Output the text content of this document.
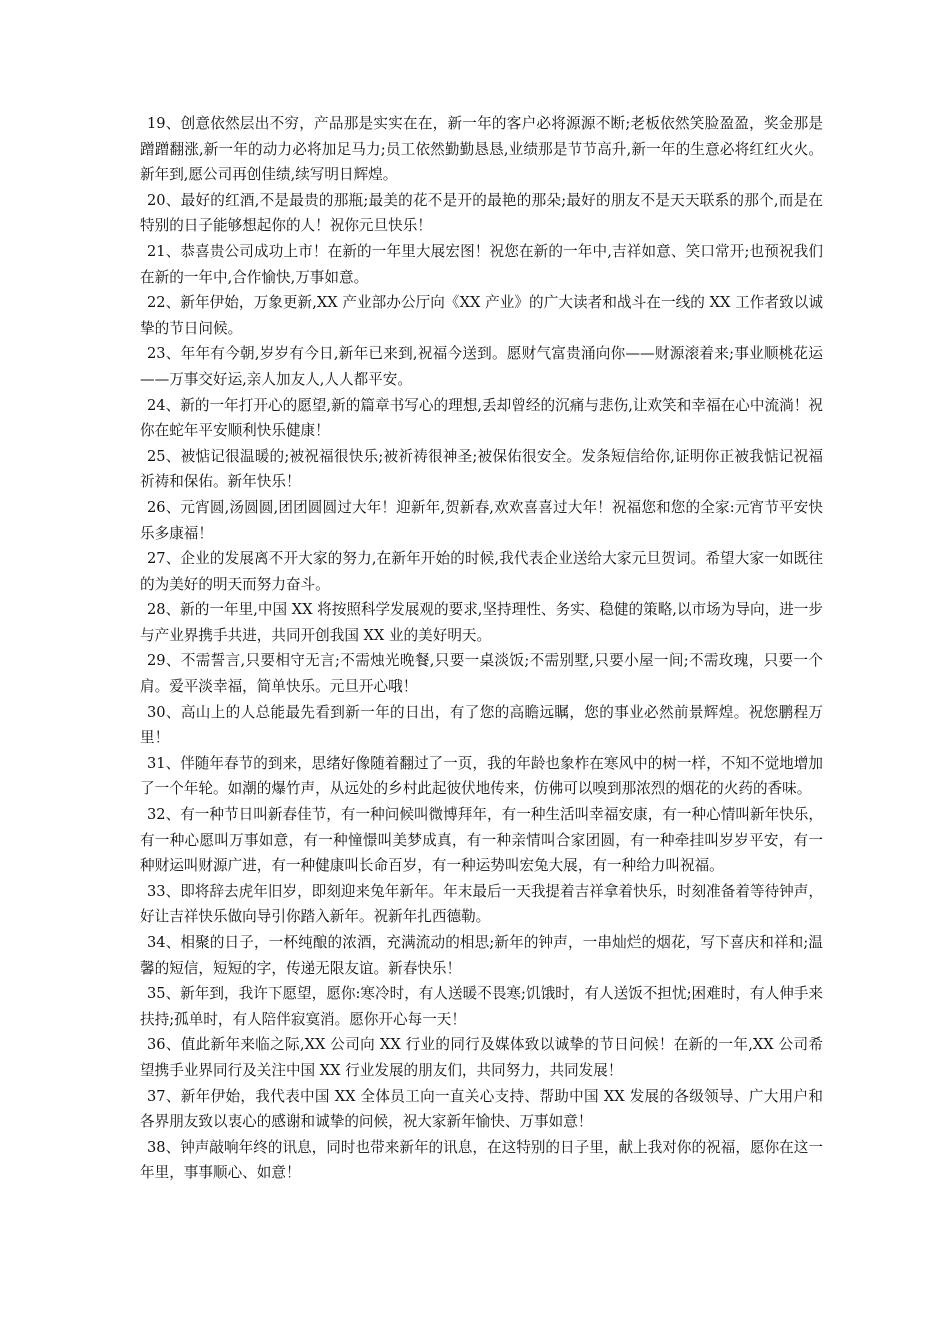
19、创意依然层出不穷，产品那是实实在在，新一年的客户必将源源不断;老板依然笑脸盈盈，奖金那是蹭蹭翻涨,新一年的动力必将加足马力;员工依然勤勤恳恳,业绩那是节节高升,新一年的生意必将红红火火。新年到,愿公司再创佳绩,续写明日辉煌。

20、最好的红酒,不是最贵的那瓶;最美的花不是开的最艳的那朵;最好的朋友不是天天联系的那个,而是在特别的日子能够想起你的人！祝你元旦快乐！

21、恭喜贵公司成功上市！在新的一年里大展宏图！祝您在新的一年中,吉祥如意、笑口常开;也预祝我们在新的一年中,合作愉快,万事如意。

22、新年伊始，万象更新,XX 产业部办公厅向《XX 产业》的广大读者和战斗在一线的 XX 工作者致以诚挚的节日问候。

23、年年有今朝,岁岁有今日,新年已来到,祝福今送到。愿财气富贵涌向你——财源滚着来;事业顺桃花运——万事交好运,亲人加友人,人人都平安。

24、新的一年打开心的愿望,新的篇章书写心的理想,丢却曾经的沉痛与悲伤,让欢笑和幸福在心中流淌！祝你在蛇年平安顺利快乐健康！

25、被惦记很温暖的;被祝福很快乐;被祈祷很神圣;被保佑很安全。发条短信给你,证明你正被我惦记祝福祈祷和保佑。新年快乐！

26、元宵圆,汤圆圆,团团圆圆过大年！迎新年,贺新春,欢欢喜喜过大年！祝福您和您的全家:元宵节平安快乐多康福！

27、企业的发展离不开大家的努力,在新年开始的时候,我代表企业送给大家元旦贺词。希望大家一如既往的为美好的明天而努力奋斗。

28、新的一年里,中国 XX 将按照科学发展观的要求,坚持理性、务实、稳健的策略,以市场为导向，进一步与产业界携手共进，共同开创我国 XX 业的美好明天。

29、不需誓言,只要相守无言;不需烛光晚餐,只要一桌淡饭;不需别墅,只要小屋一间;不需玫瑰，只要一个肩。爱平淡幸福，简单快乐。元旦开心哦！

30、高山上的人总能最先看到新一年的日出，有了您的高瞻远瞩，您的事业必然前景辉煌。祝您鹏程万里！

31、伴随年春节的到来，思绪好像随着翻过了一页，我的年龄也象柞在寒风中的树一样，不知不觉地增加了一个年轮。如潮的爆竹声，从远处的乡村此起彼伏地传来，仿佛可以嗅到那浓烈的烟花的火药的香味。

32、有一种节日叫新春佳节，有一种问候叫微博拜年，有一种生活叫幸福安康，有一种心情叫新年快乐，有一种心愿叫万事如意，有一种憧憬叫美梦成真，有一种亲情叫合家团圆，有一种牵挂叫岁岁平安，有一种财运叫财源广进，有一种健康叫长命百岁，有一种运势叫宏兔大展，有一种给力叫祝福。

33、即将辞去虎年旧岁，即刻迎来兔年新年。年末最后一天我提着吉祥拿着快乐，时刻准备着等待钟声，好让吉祥快乐做向导引你踏入新年。祝新年扎西德勒。

34、相聚的日子，一杯纯酿的浓酒，充满流动的相思;新年的钟声，一串灿烂的烟花，写下喜庆和祥和;温馨的短信，短短的字，传递无限友谊。新春快乐！

35、新年到，我许下愿望，愿你:寒冷时，有人送暖不畏寒;饥饿时，有人送饭不担忧;困难时，有人伸手来扶持;孤单时，有人陪伴寂寞消。愿你开心每一天！

36、值此新年来临之际,XX 公司向 XX 行业的同行及媒体致以诚挚的节日问候！在新的一年,XX 公司希望携手业界同行及关注中国 XX 行业发展的朋友们，共同努力，共同发展！

37、新年伊始，我代表中国 XX 全体员工向一直关心支持、帮助中国 XX 发展的各级领导、广大用户和各界朋友致以衷心的感谢和诚挚的问候，祝大家新年愉快、万事如意！

38、钟声敲响年终的讯息，同时也带来新年的讯息，在这特别的日子里，献上我对你的祝福，愿你在这一年里，事事顺心、如意！
